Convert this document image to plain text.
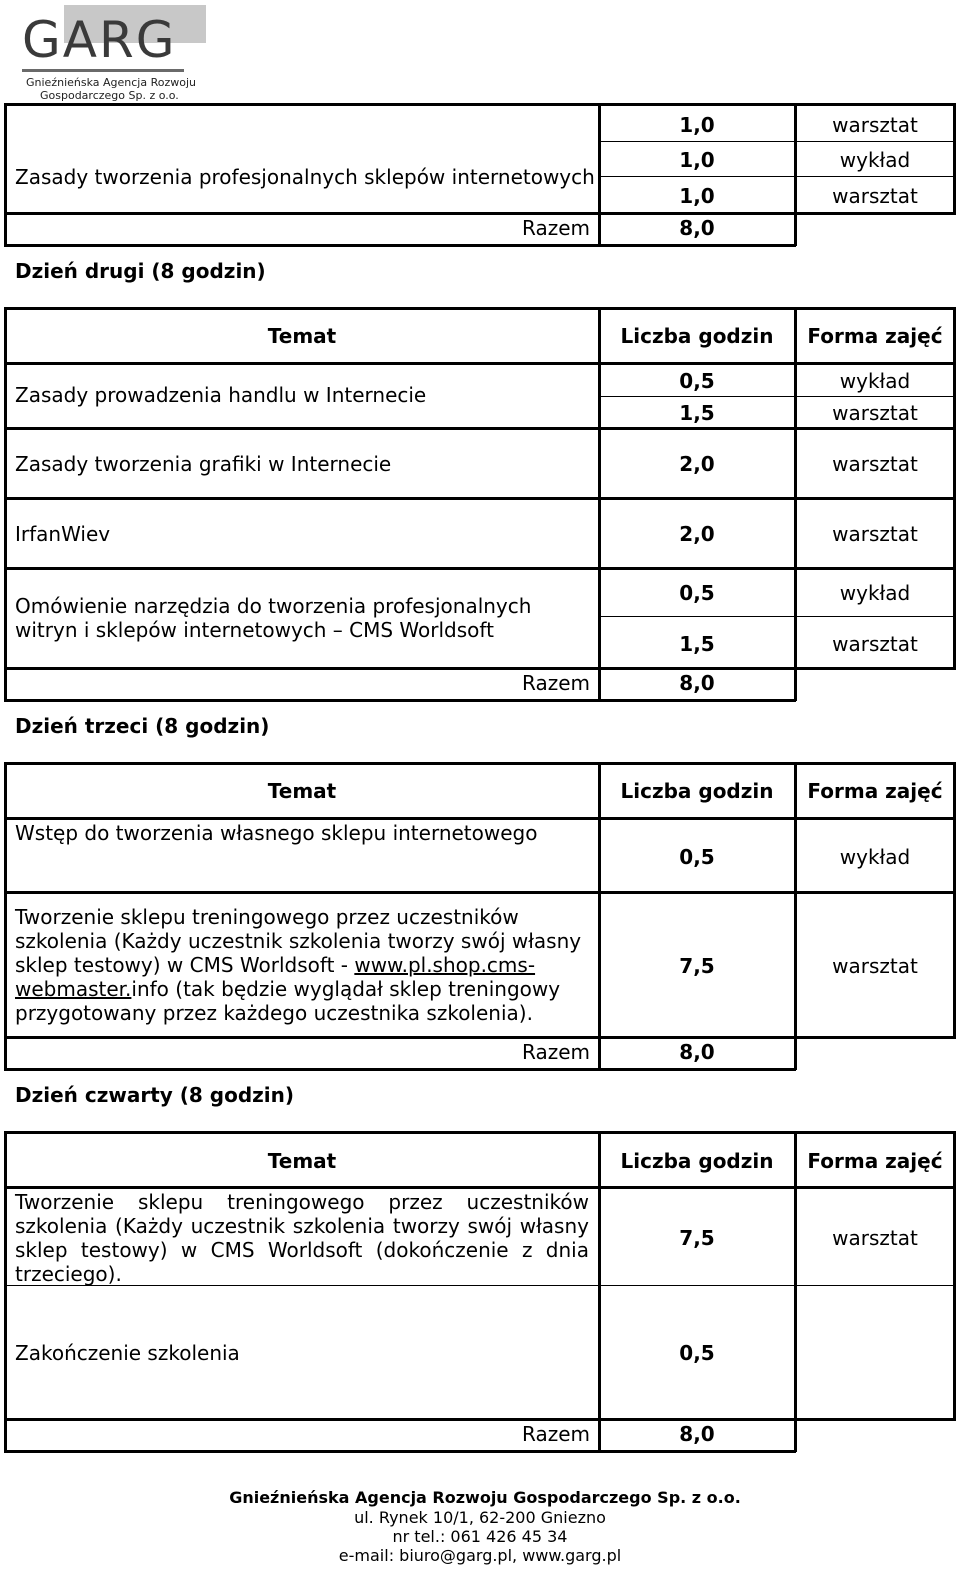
GARG
Gnieźnieńska Agencja Rozwoju
Gospodarczego Sp. z o.o.
Zasady tworzenia profesjonalnych sklepów internetowych
1,0	warsztat
1,0	wykład
1,0	warsztat
Razem	8,0
Dzień drugi (8 godzin)
Temat	Liczba godzin	Forma zajęć
Zasady prowadzenia handlu w Internecie
0,5	wykład
1,5	warsztat
Zasady tworzenia grafiki w Internecie	2,0	warsztat
IrfanWiev	2,0	warsztat
Omówienie narzędzia do tworzenia profesjonalnych
witryn i sklepów internetowych – CMS Worldsoft
0,5	wykład
1,5	warsztat
Razem	8,0
Dzień trzeci (8 godzin)
Temat	Liczba godzin	Forma zajęć
Wstęp do tworzenia własnego sklepu internetowego
0,5	wykład
Tworzenie sklepu treningowego przez uczestników
szkolenia (Każdy uczestnik szkolenia tworzy swój własny
sklep testowy) w CMS Worldsoft - www.pl.shop.cms-
webmaster.info (tak będzie wyglądał sklep treningowy
przygotowany przez każdego uczestnika szkolenia).
7,5	warsztat
Razem	8,0
Dzień czwarty (8 godzin)
Temat	Liczba godzin	Forma zajęć
Tworzenie sklepu treningowego przez uczestników szkolenia (Każdy uczestnik szkolenia tworzy swój własny sklep testowy) w CMS Worldsoft (dokończenie z dnia trzeciego).
7,5	warsztat
Zakończenie szkolenia	0,5
Razem	8,0
Gnieźnieńska Agencja Rozwoju Gospodarczego Sp. z o.o.
ul. Rynek 10/1, 62-200 Gniezno
nr tel.: 061 426 45 34
e-mail: biuro@garg.pl, www.garg.pl
